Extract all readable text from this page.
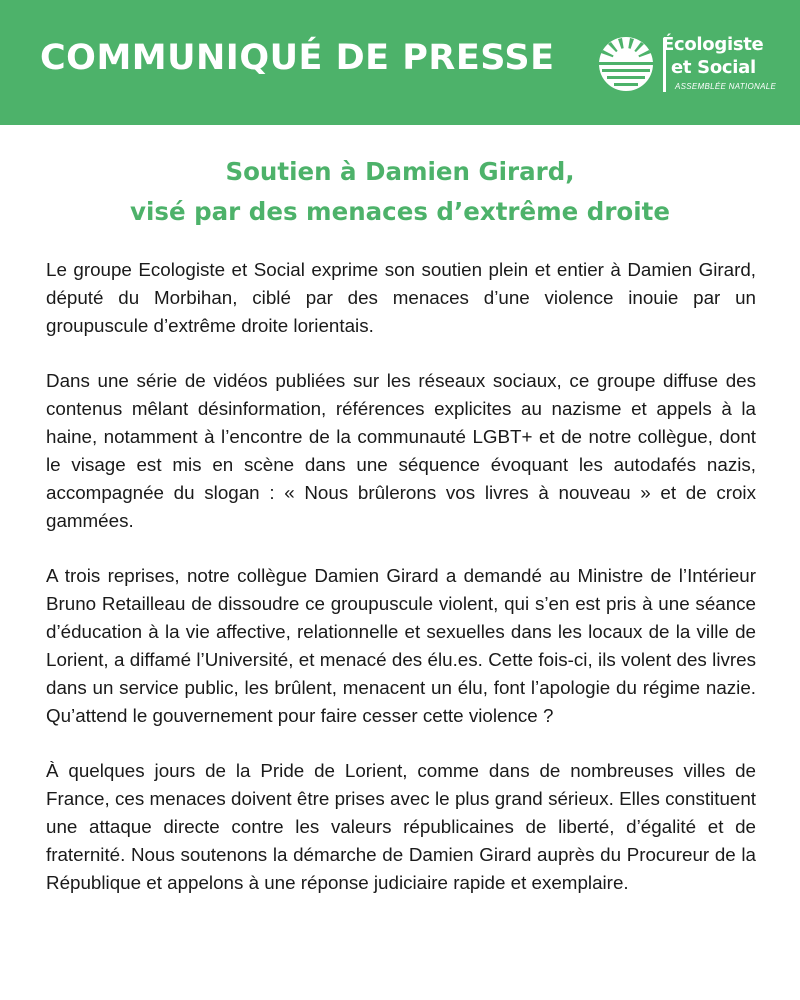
COMMUNIQUÉ DE PRESSE	Écologiste
et Social
ASSEMBLÉE NATIONALE
Soutien à Damien Girard,
visé par des menaces d’extrême droite

Le groupe Ecologiste et Social exprime son soutien plein et entier à Damien Girard, député du Morbihan, ciblé par des menaces d’une violence inouie par un groupuscule d’extrême droite lorientais.

Dans une série de vidéos publiées sur les réseaux sociaux, ce groupe diffuse des contenus mêlant désinformation, références explicites au nazisme et appels à la haine, notamment à l’encontre de la communauté LGBT+ et de notre collègue, dont le visage est mis en scène dans une séquence évoquant les autodafés nazis, accompagnée du slogan : « Nous brûlerons vos livres à nouveau » et de croix gammées.

A trois reprises, notre collègue Damien Girard a demandé au Ministre de l’Intérieur Bruno Retailleau de dissoudre ce groupuscule violent, qui s’en est pris à une séance d’éducation à la vie affective, relationnelle et sexuelles dans les locaux de la ville de Lorient, a diffamé l’Université, et menacé des élu.es. Cette fois-ci, ils volent des livres dans un service public, les brûlent, menacent un élu, font l’apologie du régime nazie. Qu’attend le gouvernement pour faire cesser cette violence ?

À quelques jours de la Pride de Lorient, comme dans de nombreuses villes de France, ces menaces doivent être prises avec le plus grand sérieux. Elles constituent une attaque directe contre les valeurs républicaines de liberté, d’égalité et de fraternité. Nous soutenons la démarche de Damien Girard auprès du Procureur de la République et appelons à une réponse judiciaire rapide et exemplaire.
